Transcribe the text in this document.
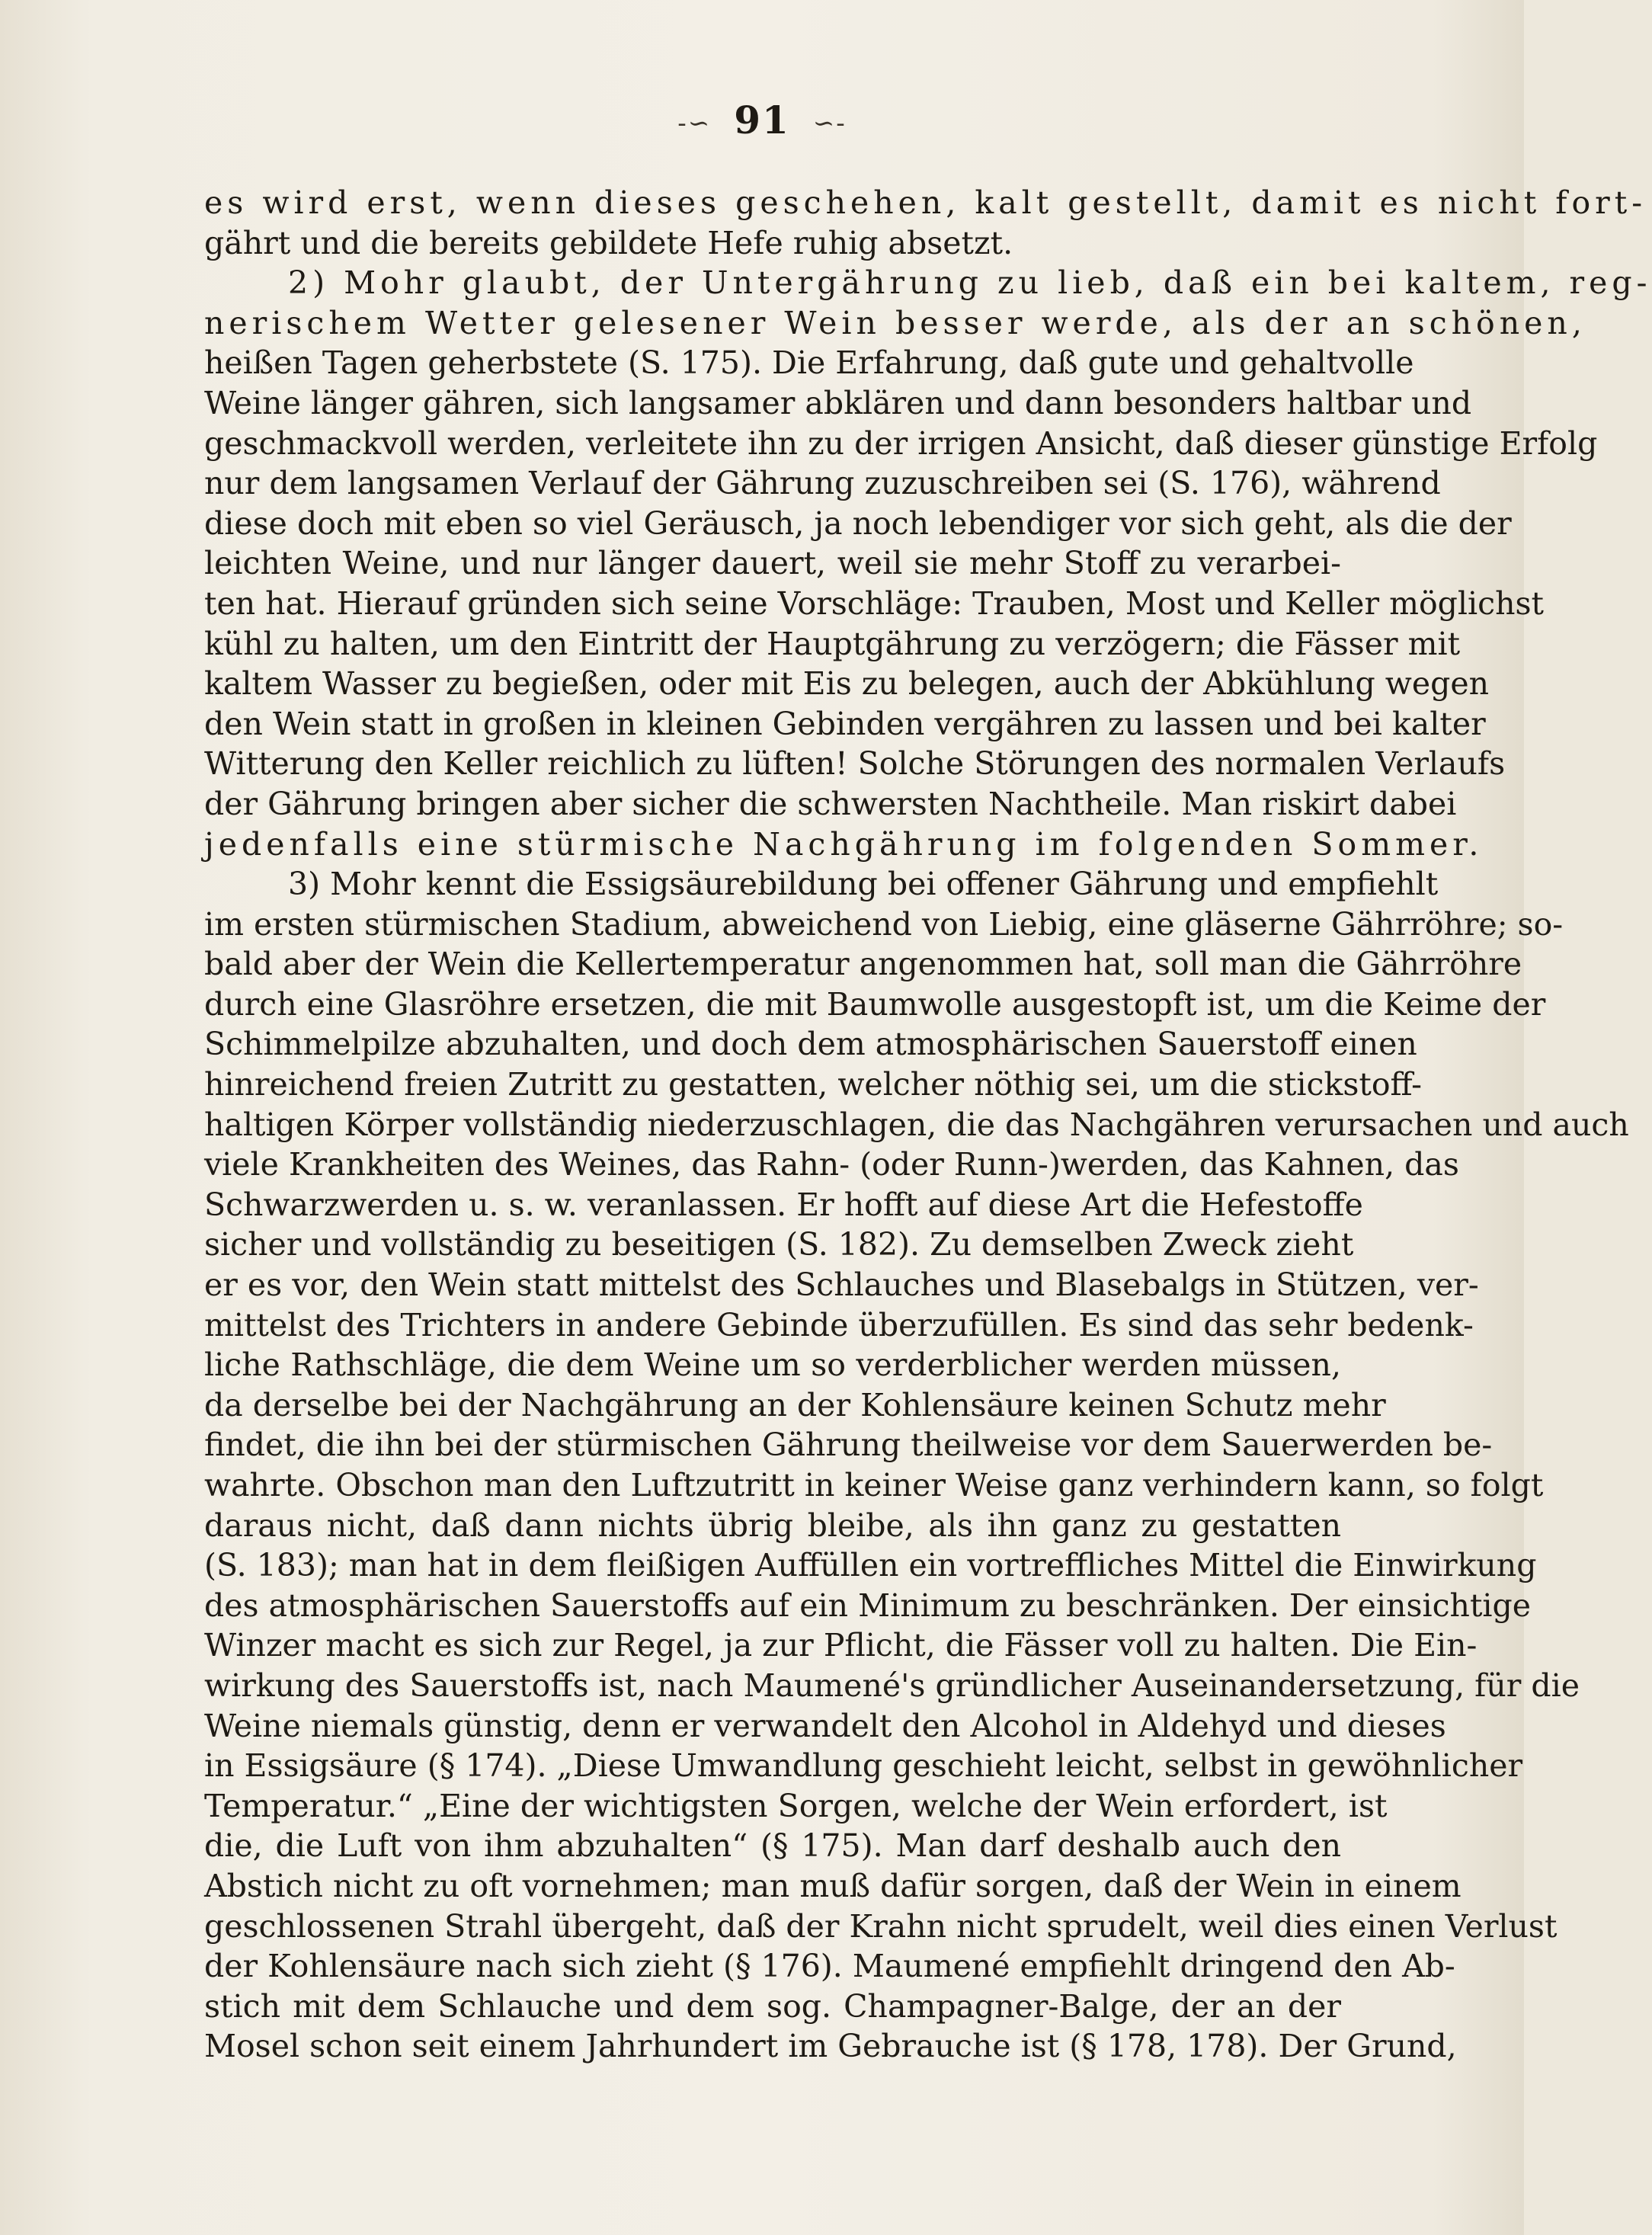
-∽ 91 ∽-
es wird erst, wenn dieses geschehen, kalt gestellt, damit es nicht fort-
gährt und die bereits gebildete Hefe ruhig absetzt.
2) Mohr glaubt, der Untergährung zu lieb, daß ein bei kaltem, reg-
nerischem Wetter gelesener Wein besser werde, als der an schönen,
heißen Tagen geherbstete (S. 175). Die Erfahrung, daß gute und gehaltvolle
Weine länger gähren, sich langsamer abklären und dann besonders haltbar und
geschmackvoll werden, verleitete ihn zu der irrigen Ansicht, daß dieser günstige Erfolg
nur dem langsamen Verlauf der Gährung zuzuschreiben sei (S. 176), während
diese doch mit eben so viel Geräusch, ja noch lebendiger vor sich geht, als die der
leichten Weine, und nur länger dauert, weil sie mehr Stoff zu verarbei-
ten hat. Hierauf gründen sich seine Vorschläge: Trauben, Most und Keller möglichst
kühl zu halten, um den Eintritt der Hauptgährung zu verzögern; die Fässer mit
kaltem Wasser zu begießen, oder mit Eis zu belegen, auch der Abkühlung wegen
den Wein statt in großen in kleinen Gebinden vergähren zu lassen und bei kalter
Witterung den Keller reichlich zu lüften! Solche Störungen des normalen Verlaufs
der Gährung bringen aber sicher die schwersten Nachtheile. Man riskirt dabei
jedenfalls eine stürmische Nachgährung im folgenden Sommer.
3) Mohr kennt die Essigsäurebildung bei offener Gährung und empfiehlt
im ersten stürmischen Stadium, abweichend von Liebig, eine gläserne Gährröhre; so-
bald aber der Wein die Kellertemperatur angenommen hat, soll man die Gährröhre
durch eine Glasröhre ersetzen, die mit Baumwolle ausgestopft ist, um die Keime der
Schimmelpilze abzuhalten, und doch dem atmosphärischen Sauerstoff einen
hinreichend freien Zutritt zu gestatten, welcher nöthig sei, um die stickstoff-
haltigen Körper vollständig niederzuschlagen, die das Nachgähren verursachen und auch
viele Krankheiten des Weines, das Rahn- (oder Runn-)werden, das Kahnen, das
Schwarzwerden u. s. w. veranlassen. Er hofft auf diese Art die Hefestoffe
sicher und vollständig zu beseitigen (S. 182). Zu demselben Zweck zieht
er es vor, den Wein statt mittelst des Schlauches und Blasebalgs in Stützen, ver-
mittelst des Trichters in andere Gebinde überzufüllen. Es sind das sehr bedenk-
liche Rathschläge, die dem Weine um so verderblicher werden müssen,
da derselbe bei der Nachgährung an der Kohlensäure keinen Schutz mehr
findet, die ihn bei der stürmischen Gährung theilweise vor dem Sauerwerden be-
wahrte. Obschon man den Luftzutritt in keiner Weise ganz verhindern kann, so folgt
daraus nicht, daß dann nichts übrig bleibe, als ihn ganz zu gestatten
(S. 183); man hat in dem fleißigen Auffüllen ein vortreffliches Mittel die Einwirkung
des atmosphärischen Sauerstoffs auf ein Minimum zu beschränken. Der einsichtige
Winzer macht es sich zur Regel, ja zur Pflicht, die Fässer voll zu halten. Die Ein-
wirkung des Sauerstoffs ist, nach Maumené's gründlicher Auseinandersetzung, für die
Weine niemals günstig, denn er verwandelt den Alcohol in Aldehyd und dieses
in Essigsäure (§ 174). „Diese Umwandlung geschieht leicht, selbst in gewöhnlicher
Temperatur.“ „Eine der wichtigsten Sorgen, welche der Wein erfordert, ist
die, die Luft von ihm abzuhalten“ (§ 175). Man darf deshalb auch den
Abstich nicht zu oft vornehmen; man muß dafür sorgen, daß der Wein in einem
geschlossenen Strahl übergeht, daß der Krahn nicht sprudelt, weil dies einen Verlust
der Kohlensäure nach sich zieht (§ 176). Maumené empfiehlt dringend den Ab-
stich mit dem Schlauche und dem sog. Champagner-Balge, der an der
Mosel schon seit einem Jahrhundert im Gebrauche ist (§ 178, 178). Der Grund,
